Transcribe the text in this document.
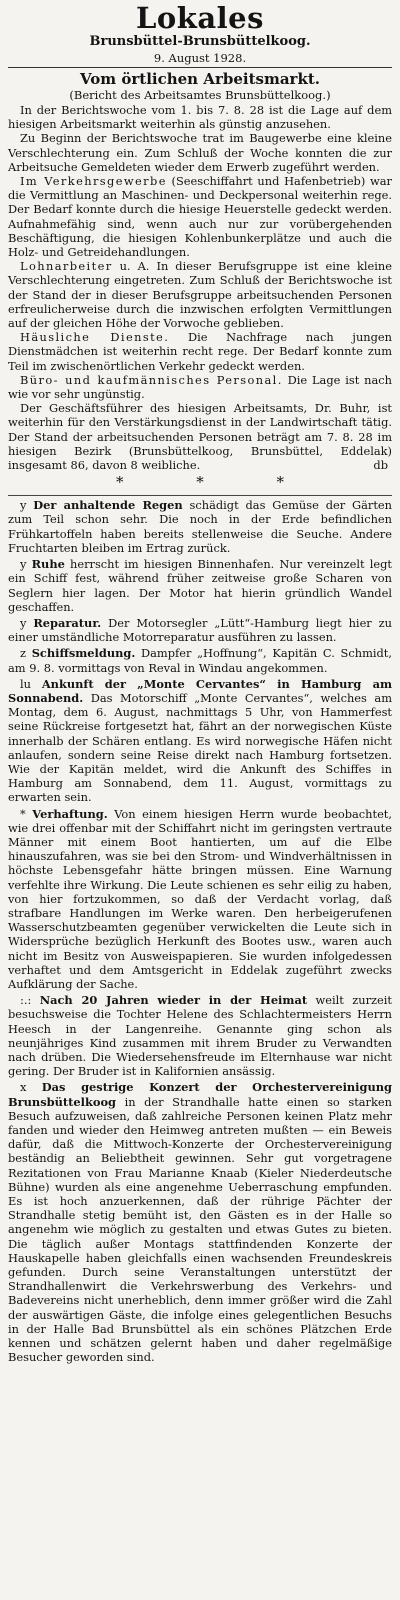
Lokales
Brunsbüttel-Brunsbüttelkoog.
9. August 1928.
Vom örtlichen Arbeitsmarkt.
(Bericht des Arbeitsamtes Brunsbüttelkoog.)

In der Berichtswoche vom 1. bis 7. 8. 28 ist die Lage auf dem hiesigen Arbeitsmarkt weiterhin als günstig anzusehen.

Zu Beginn der Berichtswoche trat im Baugewerbe eine kleine Verschlechterung ein. Zum Schluß der Woche konnten die zur Arbeitsuche Gemeldeten wieder dem Erwerb zugeführt werden.

Im Verkehrsgewerbe (Seeschiffahrt und Hafenbetrieb) war die Vermittlung an Maschinen- und Deckpersonal weiterhin rege. Der Bedarf konnte durch die hiesige Heuerstelle gedeckt werden. Aufnahmefähig sind, wenn auch nur zur vorübergehenden Beschäftigung, die hiesigen Kohlenbunkerplätze und auch die Holz- und Getreidehandlungen.

Lohnarbeiter u. A. In dieser Berufsgruppe ist eine kleine Verschlechterung eingetreten. Zum Schluß der Berichtswoche ist der Stand der in dieser Berufsgruppe arbeitsuchenden Personen erfreulicherweise durch die inzwischen erfolgten Vermittlungen auf der gleichen Höhe der Vorwoche geblieben.

Häusliche Dienste. Die Nachfrage nach jungen Dienstmädchen ist weiterhin recht rege. Der Bedarf konnte zum Teil im zwischenörtlichen Verkehr gedeckt werden.

Büro- und kaufmännisches Personal. Die Lage ist nach wie vor sehr ungünstig.

Der Geschäftsführer des hiesigen Arbeitsamts, Dr. Buhr, ist weiterhin für den Verstärkungsdienst in der Landwirtschaft tätig. Der Stand der arbeitsuchenden Personen beträgt am 7. 8. 28 im hiesigen Bezirk (Brunsbüttelkoog, Brunsbüttel, Eddelak) insgesamt 86, davon 8 weibliche.	db

* * *

y Der anhaltende Regen schädigt das Gemüse der Gärten zum Teil schon sehr. Die noch in der Erde befindlichen Frühkartoffeln haben bereits stellenweise die Seuche. Andere Fruchtarten bleiben im Ertrag zurück.

y Ruhe herrscht im hiesigen Binnenhafen. Nur vereinzelt legt ein Schiff fest, während früher zeitweise große Scharen von Seglern hier lagen. Der Motor hat hierin gründlich Wandel geschaffen.

y Reparatur. Der Motorsegler „Lütt“-Hamburg liegt hier zu einer umständliche Motorreparatur ausführen zu lassen.

z Schiffsmeldung. Dampfer „Hoffnung“, Kapitän C. Schmidt, am 9. 8. vormittags von Reval in Windau angekommen.

lu Ankunft der „Monte Cervantes“ in Hamburg am Sonnabend. Das Motorschiff „Monte Cervantes“, welches am Montag, dem 6. August, nachmittags 5 Uhr, von Hammerfest seine Rückreise fortgesetzt hat, fährt an der norwegischen Küste innerhalb der Schären entlang. Es wird norwegische Häfen nicht anlaufen, sondern seine Reise direkt nach Hamburg fortsetzen. Wie der Kapitän meldet, wird die Ankunft des Schiffes in Hamburg am Sonnabend, dem 11. August, vormittags zu erwarten sein.

* Verhaftung. Von einem hiesigen Herrn wurde beobachtet, wie drei offenbar mit der Schiffahrt nicht im geringsten vertraute Männer mit einem Boot hantierten, um auf die Elbe hinauszufahren, was sie bei den Strom- und Windverhältnissen in höchste Lebensgefahr hätte bringen müssen. Eine Warnung verfehlte ihre Wirkung. Die Leute schienen es sehr eilig zu haben, von hier fortzukommen, so daß der Verdacht vorlag, daß strafbare Handlungen im Werke waren. Den herbeigerufenen Wasserschutzbeamten gegenüber verwickelten die Leute sich in Widersprüche bezüglich Herkunft des Bootes usw., waren auch nicht im Besitz von Ausweispapieren. Sie wurden infolgedessen verhaftet und dem Amtsgericht in Eddelak zugeführt zwecks Aufklärung der Sache.

:.: Nach 20 Jahren wieder in der Heimat weilt zurzeit besuchsweise die Tochter Helene des Schlachtermeisters Herrn Heesch in der Langenreihe. Genannte ging schon als neunjähriges Kind zusammen mit ihrem Bruder zu Verwandten nach drüben. Die Wiedersehensfreude im Elternhause war nicht gering. Der Bruder ist in Kalifornien ansässig.

x Das gestrige Konzert der Orchestervereinigung Brunsbüttelkoog in der Strandhalle hatte einen so starken Besuch aufzuweisen, daß zahlreiche Personen keinen Platz mehr fanden und wieder den Heimweg antreten mußten — ein Beweis dafür, daß die Mittwoch-Konzerte der Orchestervereinigung beständig an Beliebtheit gewinnen. Sehr gut vorgetragene Rezitationen von Frau Marianne Knaab (Kieler Niederdeutsche Bühne) wurden als eine angenehme Ueberraschung empfunden. Es ist hoch anzuerkennen, daß der rührige Pächter der Strandhalle stetig bemüht ist, den Gästen es in der Halle so angenehm wie möglich zu gestalten und etwas Gutes zu bieten. Die täglich außer Montags stattfindenden Konzerte der Hauskapelle haben gleichfalls einen wachsenden Freundeskreis gefunden. Durch seine Veranstaltungen unterstützt der Strandhallenwirt die Verkehrswerbung des Verkehrs- und Badevereins nicht unerheblich, denn immer größer wird die Zahl der auswärtigen Gäste, die infolge eines gelegentlichen Besuchs in der Halle Bad Brunsbüttel als ein schönes Plätzchen Erde kennen und schätzen gelernt haben und daher regelmäßige Besucher geworden sind.
